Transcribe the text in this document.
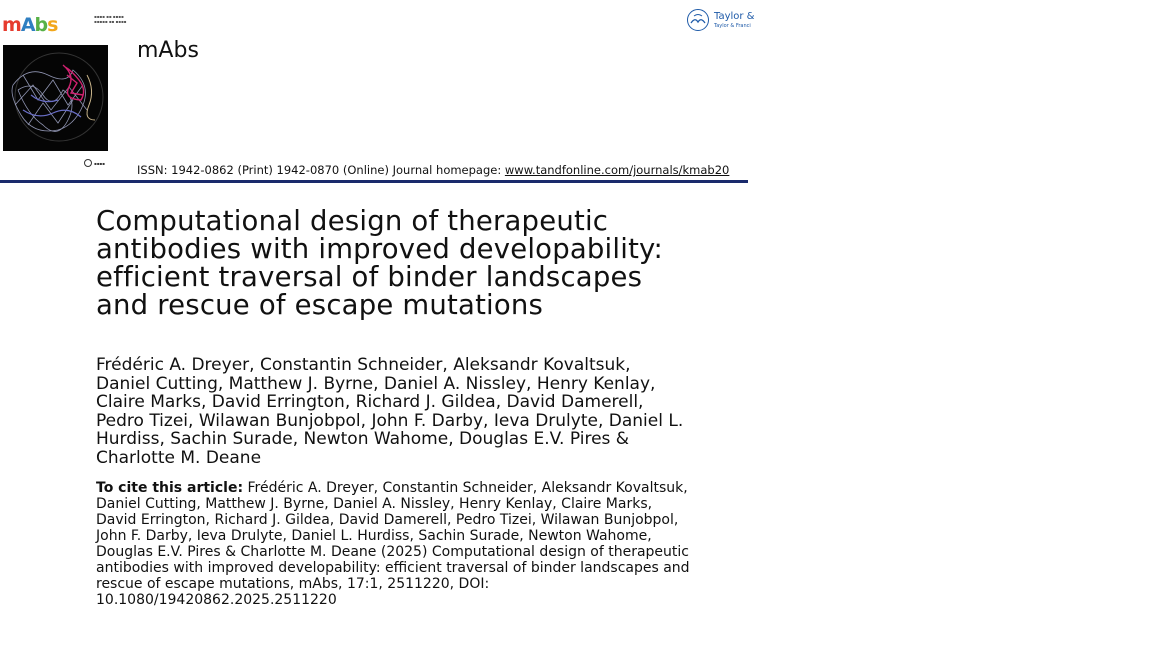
mAbs	▪▪▪▪ ▪▪ ▪▪▪▪
▪▪▪▪▪ ▪▪ ▪▪▪▪
▪▪▪▪
mAbs
Taylor &
Taylor & Franci
ISSN: 1942-0862 (Print) 1942-0870 (Online) Journal homepage: www.tandfonline.com/journals/kmab20
Computational design of therapeutic antibodies with improved developability: efficient traversal of binder landscapes and rescue of escape mutations

Frédéric A. Dreyer, Constantin Schneider, Aleksandr Kovaltsuk, Daniel Cutting, Matthew J. Byrne, Daniel A. Nissley, Henry Kenlay, Claire Marks, David Errington, Richard J. Gildea, David Damerell, Pedro Tizei, Wilawan Bunjobpol, John F. Darby, Ieva Drulyte, Daniel L. Hurdiss, Sachin Surade, Newton Wahome, Douglas E.V. Pires & Charlotte M. Deane

To cite this article: Frédéric A. Dreyer, Constantin Schneider, Aleksandr Kovaltsuk, Daniel Cutting, Matthew J. Byrne, Daniel A. Nissley, Henry Kenlay, Claire Marks, David Errington, Richard J. Gildea, David Damerell, Pedro Tizei, Wilawan Bunjobpol, John F. Darby, Ieva Drulyte, Daniel L. Hurdiss, Sachin Surade, Newton Wahome, Douglas E.V. Pires & Charlotte M. Deane (2025) Computational design of therapeutic antibodies with improved developability: efficient traversal of binder landscapes and rescue of escape mutations, mAbs, 17:1, 2511220, DOI: 10.1080/19420862.2025.2511220
